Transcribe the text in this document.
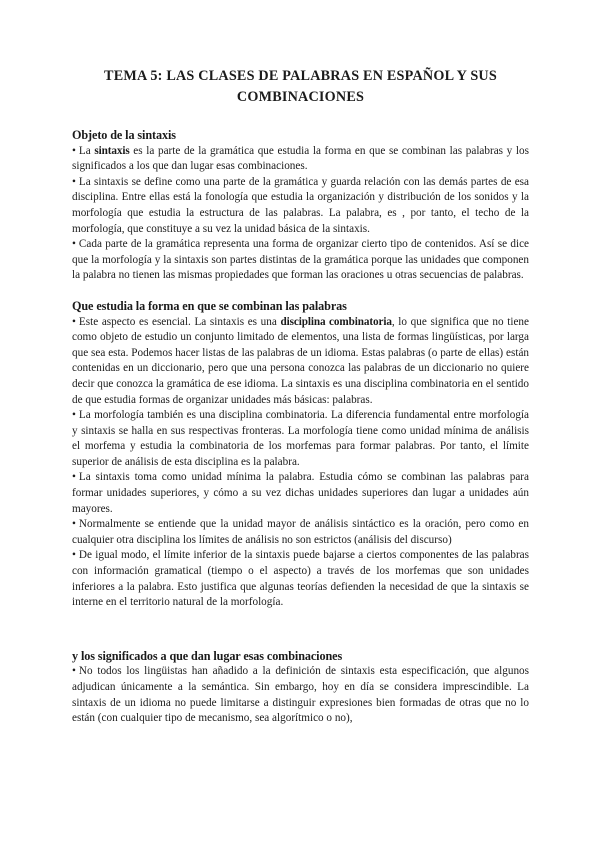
TEMA 5: LAS CLASES DE PALABRAS EN ESPAÑOL Y SUS
COMBINACIONES
Objeto de la sintaxis

• La sintaxis es la parte de la gramática que estudia la forma en que se combinan las palabras y los significados a los que dan lugar esas combinaciones.

• La sintaxis se define como una parte de la gramática y guarda relación con las demás partes de esa disciplina. Entre ellas está la fonología que estudia la organización y distribución de los sonidos y la morfología que estudia la estructura de las palabras. La palabra, es , por tanto, el techo de la morfología, que constituye a su vez la unidad básica de la sintaxis.

• Cada parte de la gramática representa una forma de organizar cierto tipo de contenidos. Así se dice que la morfología y la sintaxis son partes distintas de la gramática porque las unidades que componen la palabra no tienen las mismas propiedades que forman las oraciones u otras secuencias de palabras.

Que estudia la forma en que se combinan las palabras

• Este aspecto es esencial. La sintaxis es una disciplina combinatoria, lo que significa que no tiene como objeto de estudio un conjunto limitado de elementos, una lista de formas lingüísticas, por larga que sea esta. Podemos hacer listas de las palabras de un idioma. Estas palabras (o parte de ellas) están contenidas en un diccionario, pero que una persona conozca las palabras de un diccionario no quiere decir que conozca la gramática de ese idioma. La sintaxis es una disciplina combinatoria en el sentido de que estudia formas de organizar unidades más básicas: palabras.

• La morfología también es una disciplina combinatoria. La diferencia fundamental entre morfología y sintaxis se halla en sus respectivas fronteras. La morfología tiene como unidad mínima de análisis el morfema y estudia la combinatoria de los morfemas para formar palabras. Por tanto, el límite superior de análisis de esta disciplina es la palabra.

• La sintaxis toma como unidad mínima la palabra. Estudia cómo se combinan las palabras para formar unidades superiores, y cómo a su vez dichas unidades superiores dan lugar a unidades aún mayores.

• Normalmente se entiende que la unidad mayor de análisis sintáctico es la oración, pero como en cualquier otra disciplina los límites de análisis no son estrictos (análisis del discurso)

• De igual modo, el límite inferior de la sintaxis puede bajarse a ciertos componentes de las palabras con información gramatical (tiempo o el aspecto) a través de los morfemas que son unidades inferiores a la palabra. Esto justifica que algunas teorías defienden la necesidad de que la sintaxis se interne en el territorio natural de la morfología.

y los significados a que dan lugar esas combinaciones

• No todos los lingüistas han añadido a la definición de sintaxis esta especificación, que algunos adjudican únicamente a la semántica. Sin embargo, hoy en día se considera imprescindible. La sintaxis de un idioma no puede limitarse a distinguir expresiones bien formadas de otras que no lo están (con cualquier tipo de mecanismo, sea algorítmico o no),
